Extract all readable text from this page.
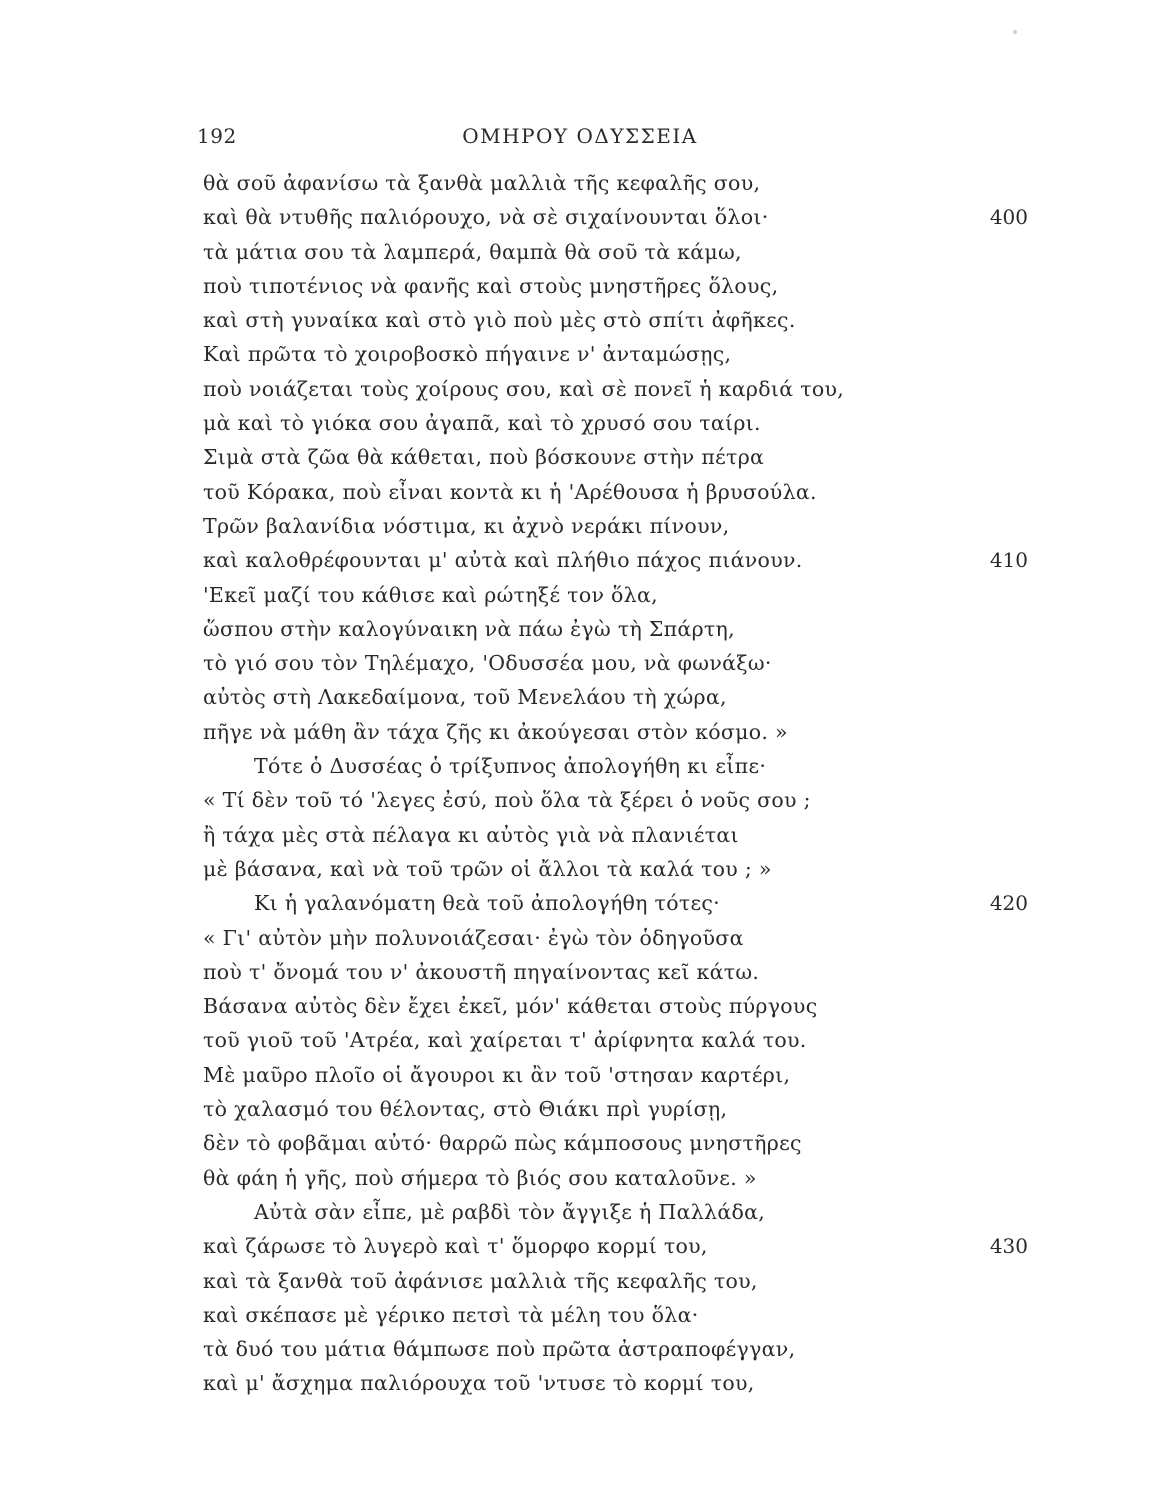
192	ΟΜΗΡΟΥ ΟΔΥΣΣΕΙΑ
θὰ σοῦ ἀφανίσω τὰ ξανθὰ μαλλιὰ τῆς κεφαλῆς σου,
καὶ θὰ ντυθῆς παλιόρουχο, νὰ σὲ σιχαίνουνται ὅλοι·	400
τὰ μάτια σου τὰ λαμπερά, θαμπὰ θὰ σοῦ τὰ κάμω,
ποὺ τιποτένιος νὰ φανῆς καὶ στοὺς μνηστῆρες ὅλους,
καὶ στὴ γυναίκα καὶ στὸ γιὸ ποὺ μὲς στὸ σπίτι ἀφῆκες.
Καὶ πρῶτα τὸ χοιροβοσκὸ πήγαινε ν' ἀνταμώσῃς,
ποὺ νοιάζεται τοὺς χοίρους σου, καὶ σὲ πονεῖ ἡ καρδιά του,
μὰ καὶ τὸ γιόκα σου ἀγαπᾶ, καὶ τὸ χρυσό σου ταίρι.
Σιμὰ στὰ ζῶα θὰ κάθεται, ποὺ βόσκουνε στὴν πέτρα
τοῦ Κόρακα, ποὺ εἶναι κοντὰ κι ἡ 'Αρέθουσα ἡ βρυσούλα.
Τρῶν βαλανίδια νόστιμα, κι ἀχνὸ νεράκι πίνουν,
καὶ καλοθρέφουνται μ' αὐτὰ καὶ πλήθιο πάχος πιάνουν.	410
'Εκεῖ μαζί του κάθισε καὶ ρώτηξέ τον ὅλα,
ὥσπου στὴν καλογύναικη νὰ πάω ἐγὼ τὴ Σπάρτη,
τὸ γιό σου τὸν Τηλέμαχο, 'Οδυσσέα μου, νὰ φωνάξω·
αὐτὸς στὴ Λακεδαίμονα, τοῦ Μενελάου τὴ χώρα,
πῆγε νὰ μάθη ἂν τάχα ζῆς κι ἀκούγεσαι στὸν κόσμο. »
Τότε ὁ Δυσσέας ὁ τρίξυπνος ἀπολογήθη κι εἶπε·
« Τί δὲν τοῦ τό 'λεγες ἐσύ, ποὺ ὅλα τὰ ξέρει ὁ νοῦς σου ;
ἢ τάχα μὲς στὰ πέλαγα κι αὐτὸς γιὰ νὰ πλανιέται
μὲ βάσανα, καὶ νὰ τοῦ τρῶν οἱ ἄλλοι τὰ καλά του ; »
Κι ἡ γαλανόματη θεὰ τοῦ ἀπολογήθη τότες·	420
« Γι' αὐτὸν μὴν πολυνοιάζεσαι· ἐγὼ τὸν ὁδηγοῦσα
ποὺ τ' ὄνομά του ν' ἀκουστῆ πηγαίνοντας κεῖ κάτω.
Βάσανα αὐτὸς δὲν ἔχει ἐκεῖ, μόν' κάθεται στοὺς πύργους
τοῦ γιοῦ τοῦ 'Ατρέα, καὶ χαίρεται τ' ἀρίφνητα καλά του.
Μὲ μαῦρο πλοῖο οἱ ἄγουροι κι ἂν τοῦ 'στησαν καρτέρι,
τὸ χαλασμό του θέλοντας, στὸ Θιάκι πρὶ γυρίσῃ,
δὲν τὸ φοβᾶμαι αὐτό· θαρρῶ πὼς κάμποσους μνηστῆρες
θὰ φάη ἡ γῆς, ποὺ σήμερα τὸ βιός σου καταλοῦνε. »
Αὐτὰ σὰν εἶπε, μὲ ραβδὶ τὸν ἄγγιξε ἡ Παλλάδα,
καὶ ζάρωσε τὸ λυγερὸ καὶ τ' ὅμορφο κορμί του,	430
καὶ τὰ ξανθὰ τοῦ ἀφάνισε μαλλιὰ τῆς κεφαλῆς του,
καὶ σκέπασε μὲ γέρικο πετσὶ τὰ μέλη του ὅλα·
τὰ δυό του μάτια θάμπωσε ποὺ πρῶτα ἀστραποφέγγαν,
καὶ μ' ἄσχημα παλιόρουχα τοῦ 'ντυσε τὸ κορμί του,
